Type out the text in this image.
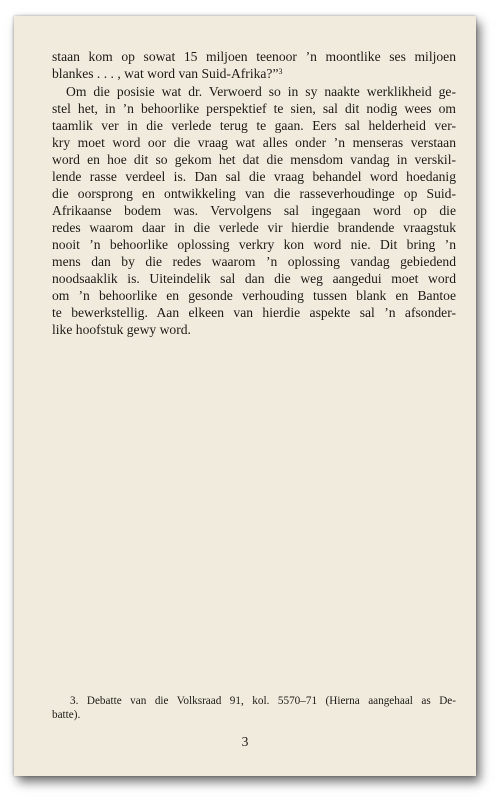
staan kom op sowat 15 miljoen teenoor ’n moontlike ses miljoen
blankes . . . , wat word van Suid-Afrika?”$^3$

Om die posisie wat dr. Verwoerd so in sy naakte werklikheid ge-
stel het, in ’n behoorlike perspektief te sien, sal dit nodig wees om
taamlik ver in die verlede terug te gaan. Eers sal helderheid ver-
kry moet word oor die vraag wat alles onder ’n menseras verstaan
word en hoe dit so gekom het dat die mensdom vandag in verskil-
lende rasse verdeel is. Dan sal die vraag behandel word hoedanig
die oorsprong en ontwikkeling van die rasseverhoudinge op Suid-
Afrikaanse bodem was. Vervolgens sal ingegaan word op die
redes waarom daar in die verlede vir hierdie brandende vraagstuk
nooit ’n behoorlike oplossing verkry kon word nie. Dit bring ’n
mens dan by die redes waarom ’n oplossing vandag gebiedend
noodsaaklik is. Uiteindelik sal dan die weg aangedui moet word
om ’n behoorlike en gesonde verhouding tussen blank en Bantoe
te bewerkstellig. Aan elkeen van hierdie aspekte sal ’n afsonder-
like hoofstuk gewy word.

3. Debatte van die Volksraad 91, kol. 5570–71 (Hierna aangehaal as De-
batte).
3
